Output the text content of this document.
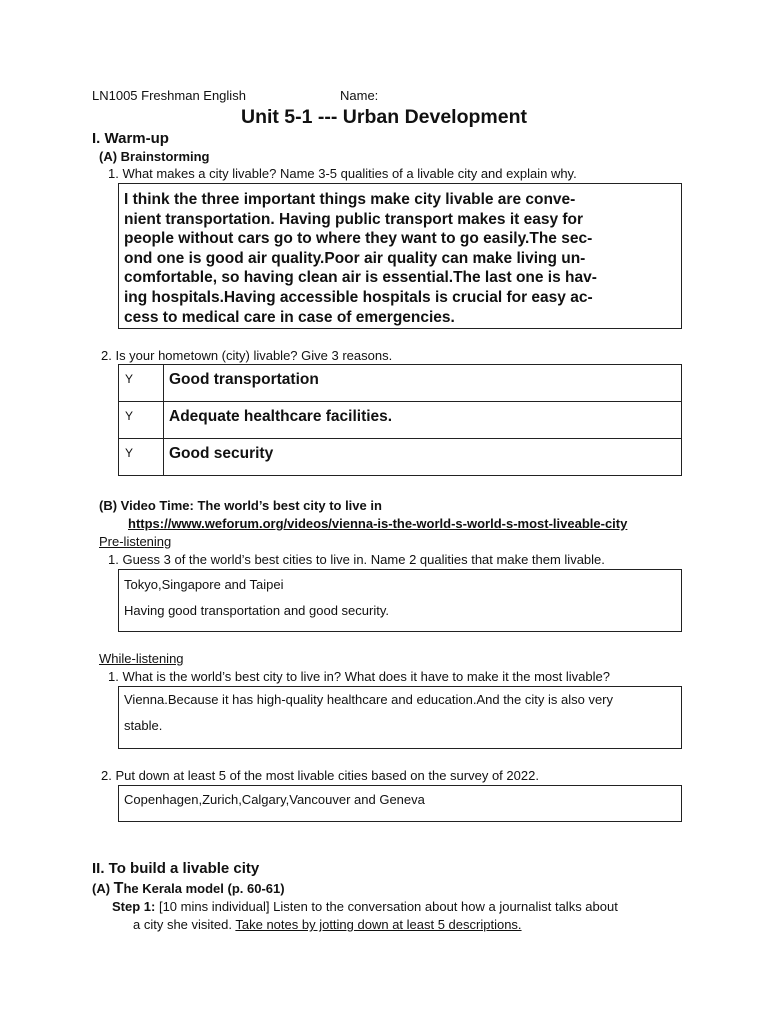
LN1005 Freshman English	Name:
Unit 5-1 --- Urban Development
I. Warm-up
(A) Brainstorming
1. What makes a city livable? Name 3-5 qualities of a livable city and explain why.
I think the three important things make city livable are conve-
nient transportation. Having public transport makes it easy for
people without cars go to where they want to go easily.The sec-
ond one is good air quality.Poor air quality can make living un-
comfortable, so having clean air is essential.The last one is hav-
ing hospitals.Having accessible hospitals is crucial for easy ac-
cess to medical care in case of emergencies.
2. Is your hometown (city) livable? Give 3 reasons.
Y	Good transportation
Y	Adequate healthcare facilities.
Y	Good security
(B) Video Time: The world’s best city to live in
https://www.weforum.org/videos/vienna-is-the-world-s-world-s-most-liveable-city
Pre-listening
1. Guess 3 of the world’s best cities to live in. Name 2 qualities that make them livable.
Tokyo,Singapore and Taipei
Having good transportation and good security.
While-listening
1. What is the world’s best city to live in? What does it have to make it the most livable?
Vienna.Because it has high-quality healthcare and education.And the city is also very
stable.
2. Put down at least 5 of the most livable cities based on the survey of 2022.
Copenhagen,Zurich,Calgary,Vancouver and Geneva
II. To build a livable city
(A) The Kerala model (p. 60-61)
Step 1: [10 mins individual] Listen to the conversation about how a journalist talks about
a city she visited. Take notes by jotting down at least 5 descriptions.
